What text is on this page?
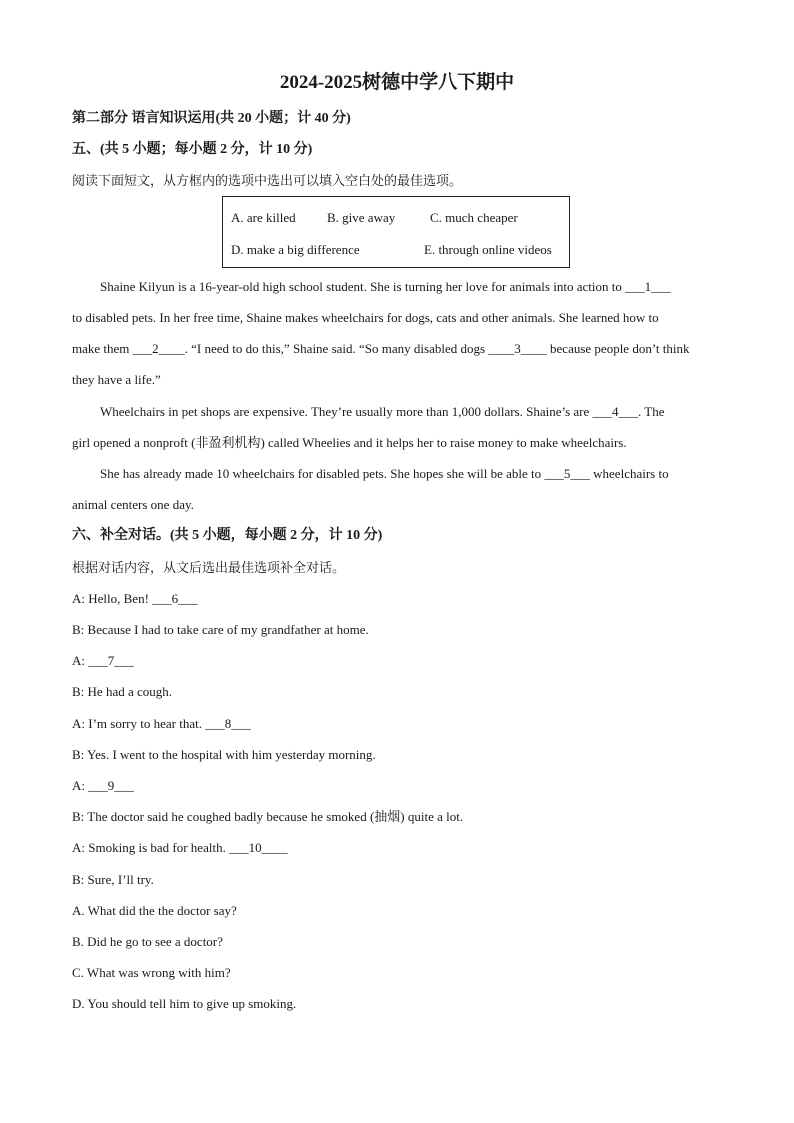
2024-2025树德中学八下期中
第二部分 语言知识运用(共 20 小题；计 40 分)
五、(共 5 小题；每小题 2 分，计 10 分)
阅读下面短文，从方框内的选项中选出可以填入空白处的最佳选项。
A. are killed B. give away	C. much cheaper
D. make a big difference	E. through online videos
Shaine Kilyun is a 16-year-old high school student. She is turning her love for animals into action to ___1___
to disabled pets. In her free time, Shaine makes wheelchairs for dogs, cats and other animals. She learned how to
make them ___2____. “I need to do this,” Shaine said. “So many disabled dogs ____3____ because people don’t think
they have a life.”
Wheelchairs in pet shops are expensive. They’re usually more than 1,000 dollars. Shaine’s are ___4___. The
girl opened a nonproft (非盈利机构) called Wheelies and it helps her to raise money to make wheelchairs.
She has already made 10 wheelchairs for disabled pets. She hopes she will be able to ___5___ wheelchairs to
animal centers one day.
六、补全对话。(共 5 小题，每小题 2 分，计 10 分)
根据对话内容，从文后选出最佳选项补全对话。
A: Hello, Ben! ___6___
B: Because I had to take care of my grandfather at home.
A: ___7___
B: He had a cough.
A: I’m sorry to hear that. ___8___
B: Yes. I went to the hospital with him yesterday morning.
A: ___9___
B: The doctor said he coughed badly because he smoked (抽烟) quite a lot.
A: Smoking is bad for health. ___10____
B: Sure, I’ll try.
A. What did the the doctor say?
B. Did he go to see a doctor?
C. What was wrong with him?
D. You should tell him to give up smoking.
